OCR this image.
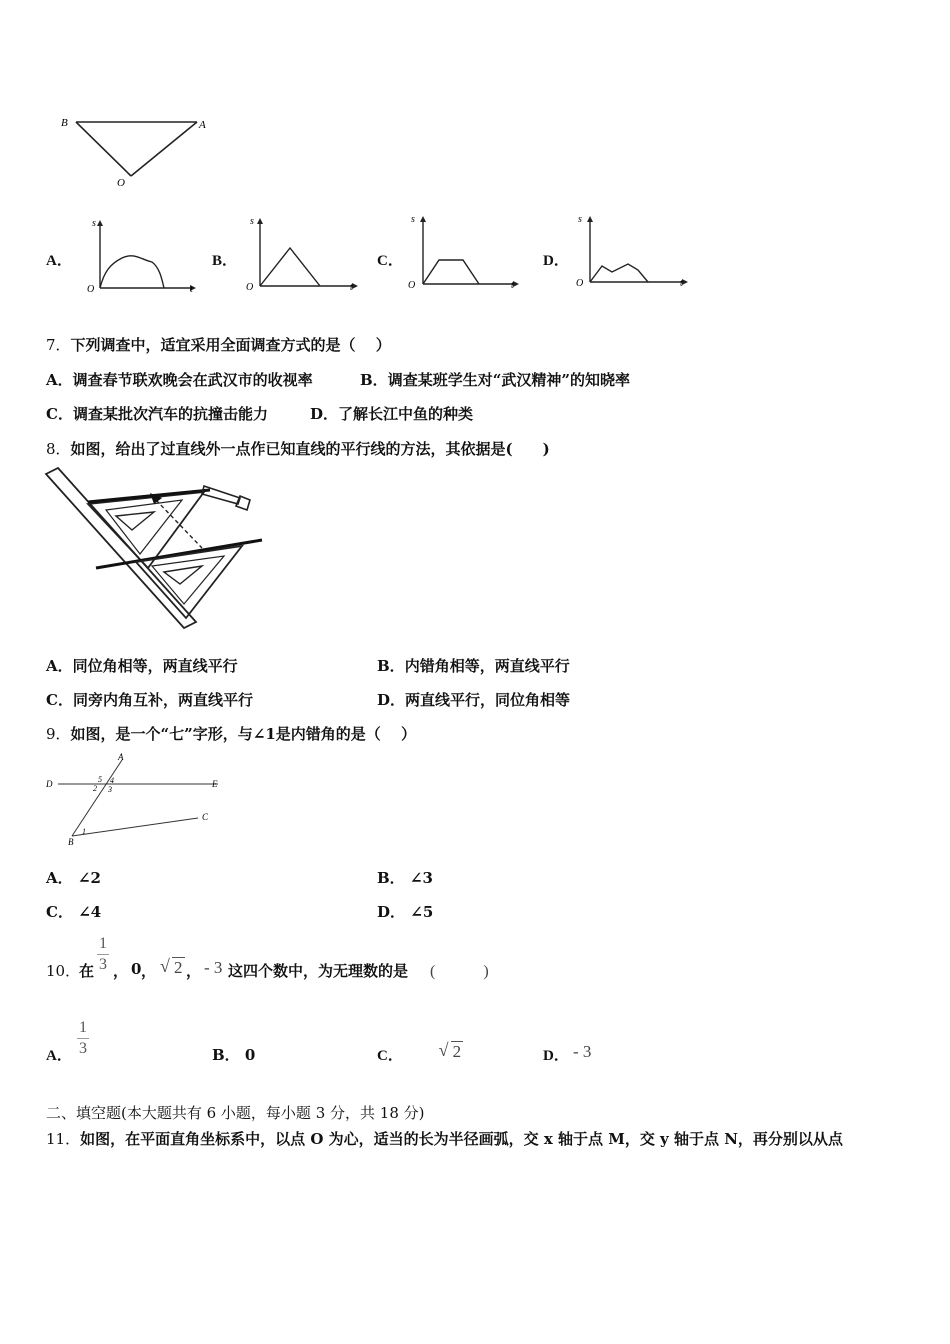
B	A
O
A．
s
O	t
B．
s
O	t
C．
s
O	t
D．
s
O	t
7．下列调查中，适宜采用全面调查方式的是（　 ）
A．调查春节联欢晚会在武汉市的收视率	B．调查某班学生对“武汉精神”的知晓率
C．调查某批次汽车的抗撞击能力	D．了解长江中鱼的种类
8．如图，给出了过直线外一点作已知直线的平行线的方法，其依据是(　　)
A．同位角相等，两直线平行	B．内错角相等，两直线平行
C．同旁内角互补，两直线平行	D．两直线平行，同位角相等
9．如图，是一个“七”字形，与∠1是内错角的是（　 ）
A
D	E
C
B
5 4
2 3
1
A． ∠2	B． ∠3
C． ∠4	D． ∠5
10．
在
1
3 ， 0 ， √ 2 ， - 3 这四个数中，为无理数的是 (　　　)
A．
1
3	B． 0	C． √ 2	D． - 3
二、填空题(本大题共有 6 小题，每小题 3 分，共 18 分)
11．如图，在平面直角坐标系中，以点 O 为心，适当的长为半径画弧，交 x 轴于点 M，交 y 轴于点 N，再分别以从点
